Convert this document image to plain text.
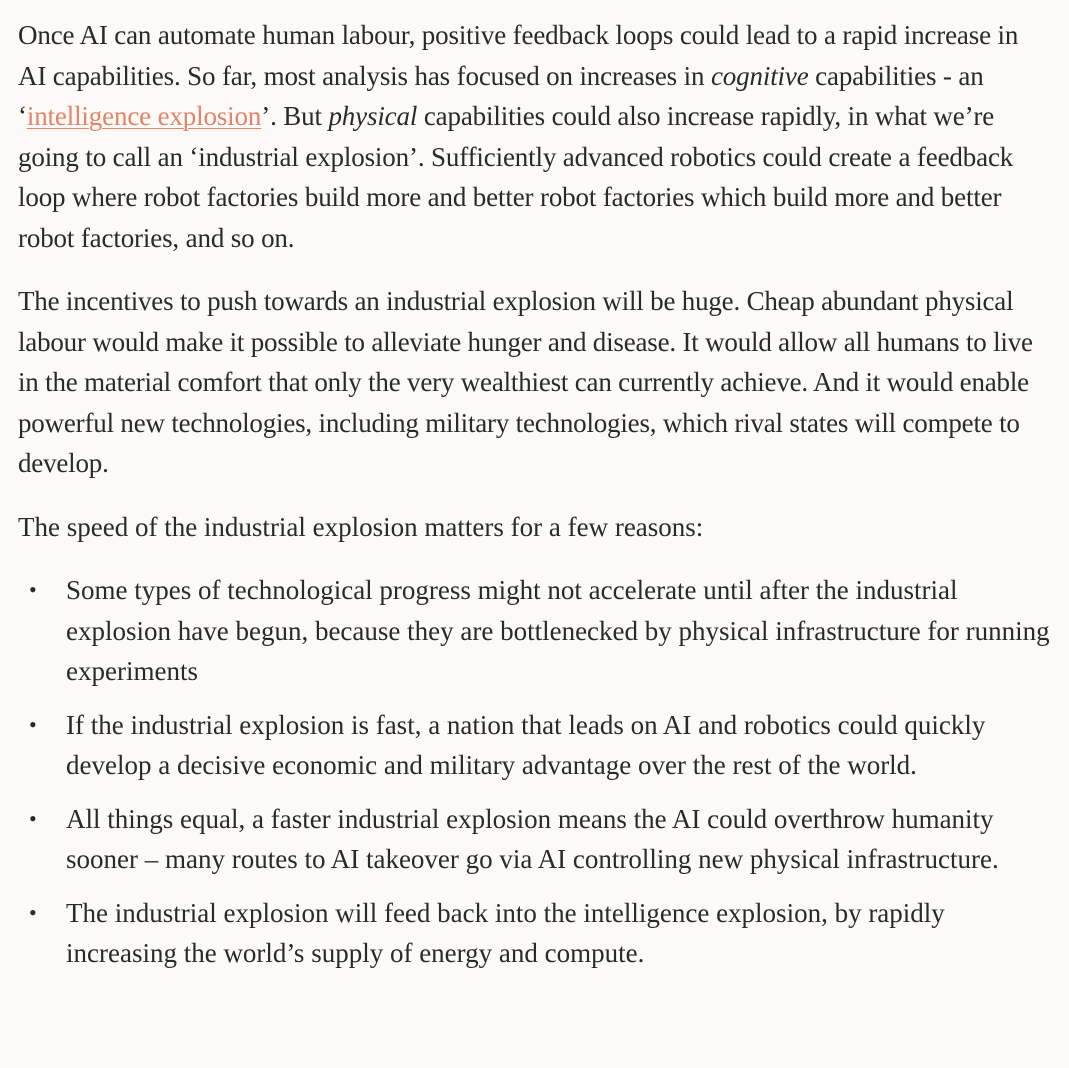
Once AI can automate human labour, positive feedback loops could lead to a rapid increase in AI capabilities. So far, most analysis has focused on increases in cognitive capabilities - an ‘intelligence explosion’. But physical capabilities could also increase rapidly, in what we’re going to call an ‘industrial explosion’. Sufficiently advanced robotics could create a feedback loop where robot factories build more and better robot factories which build more and better robot factories, and so on.

The incentives to push towards an industrial explosion will be huge. Cheap abundant physical labour would make it possible to alleviate hunger and disease. It would allow all humans to live in the material comfort that only the very wealthiest can currently achieve. And it would enable powerful new technologies, including military technologies, which rival states will compete to develop.

The speed of the industrial explosion matters for a few reasons:

• Some types of technological progress might not accelerate until after the industrial explosion have begun, because they are bottlenecked by physical infrastructure for running experiments
• If the industrial explosion is fast, a nation that leads on AI and robotics could quickly develop a decisive economic and military advantage over the rest of the world.
• All things equal, a faster industrial explosion means the AI could overthrow humanity sooner – many routes to AI takeover go via AI controlling new physical infrastructure.
• The industrial explosion will feed back into the intelligence explosion, by rapidly increasing the world’s supply of energy and compute.
